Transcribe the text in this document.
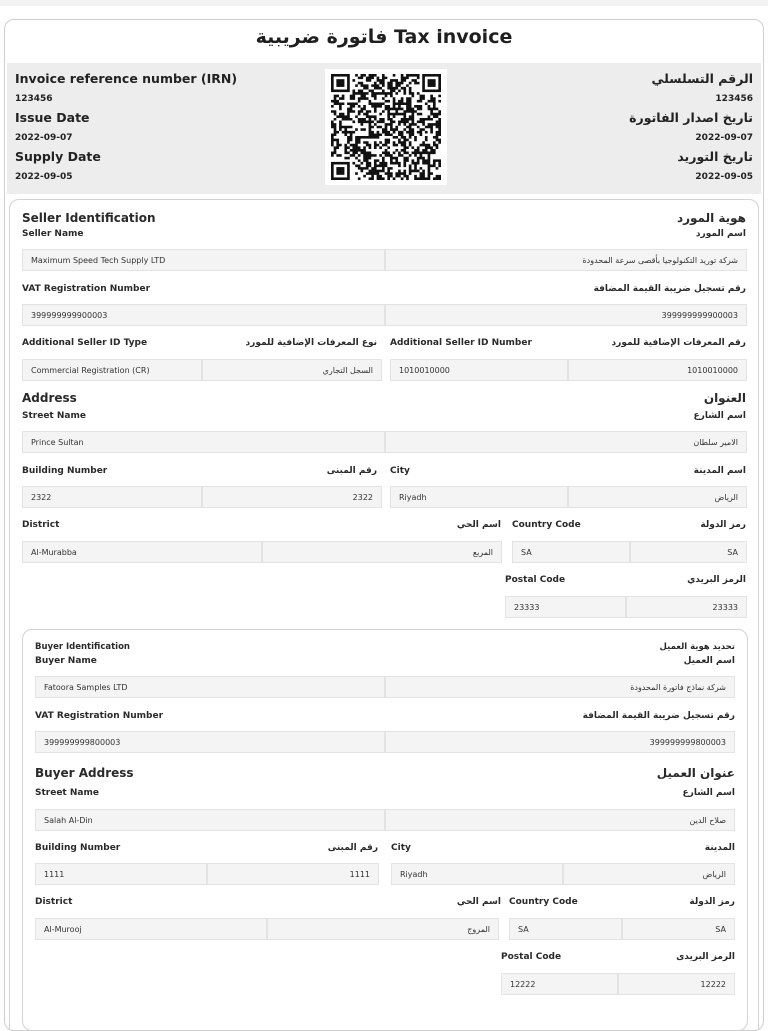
فاتورة ضريبية Tax invoice
Invoice reference number (IRN)
123456
Issue Date
2022-09-07
Supply Date
2022-09-05
الرقم التسلسلي
123456
تاريخ اصدار الفاتورة
2022-09-07
تاريخ التوريد
2022-09-05
Seller Identification	هوية المورد
Seller Name	اسم المورد
Maximum Speed Tech Supply LTD	شركة توريد التكنولوجيا بأقصى سرعة المحدودة
VAT Registration Number	رقم تسجيل ضريبة القيمة المضافة
399999999900003	399999999900003
Additional Seller ID Type	نوع المعرفات الإضافية للمورد Additional Seller ID Number	رقم المعرفات الإضافية للمورد
Commercial Registration (CR)	السجل التجاري	1010010000	1010010000
Address	العنوان
Street Name	اسم الشارع
Prince Sultan	الامير سلطان
Building Number	رقم المبنى City	اسم المدينة
2322	2322	Riyadh	الرياض
District	اسم الحي Country Code	رمز الدولة
Al-Murabba	المربع	SA	SA
Postal Code	الرمز البريدي
23333	23333
Buyer Identification	تحديد هوية العميل
Buyer Name	اسم العميل
Fatoora Samples LTD	شركة نماذج فاتورة المحدودة
VAT Registration Number	رقم تسجيل ضريبة القيمة المضافة
399999999800003	399999999800003
Buyer Address	عنوان العميل
Street Name	اسم الشارع
Salah Al-Din	صلاح الدين
Building Number	رقم المبنى City	المدينة
1111	1111	Riyadh	الرياض
District	اسم الحي Country Code	رمز الدولة
Al-Murooj	المروج	SA	SA
Postal Code	الرمز البريدى
12222	12222
